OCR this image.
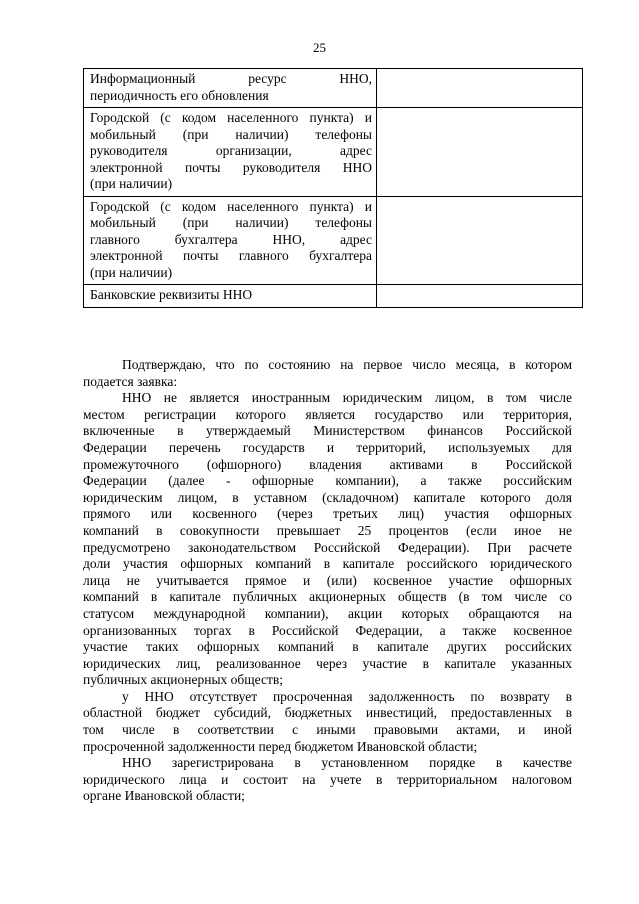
25
Информационный ресурс ННО,
периодичность его обновления	

Городской (с кодом населенного пункта) и
мобильный (при наличии) телефоны
руководителя организации, адрес
электронной почты руководителя ННО
(при наличии)	

Городской (с кодом населенного пункта) и
мобильный (при наличии) телефоны
главного бухгалтера ННО, адрес
электронной почты главного бухгалтера
(при наличии)	

Банковские реквизиты ННО	

Подтверждаю, что по состоянию на первое число месяца, в котором
подается заявка:

ННО не является иностранным юридическим лицом, в том числе
местом регистрации которого является государство или территория,
включенные в утверждаемый Министерством финансов Российской
Федерации перечень государств и территорий, используемых для
промежуточного (офшорного) владения активами в Российской
Федерации (далее - офшорные компании), а также российским
юридическим лицом, в уставном (складочном) капитале которого доля
прямого или косвенного (через третьих лиц) участия офшорных
компаний в совокупности превышает 25 процентов (если иное не
предусмотрено законодательством Российской Федерации). При расчете
доли участия офшорных компаний в капитале российского юридического
лица не учитывается прямое и (или) косвенное участие офшорных
компаний в капитале публичных акционерных обществ (в том числе со
статусом международной компании), акции которых обращаются на
организованных торгах в Российской Федерации, а также косвенное
участие таких офшорных компаний в капитале других российских
юридических лиц, реализованное через участие в капитале указанных
публичных акционерных обществ;

у ННО отсутствует просроченная задолженность по возврату в
областной бюджет субсидий, бюджетных инвестиций, предоставленных в
том числе в соответствии с иными правовыми актами, и иной
просроченной задолженности перед бюджетом Ивановской области;

ННО зарегистрирована в установленном порядке в качестве
юридического лица и состоит на учете в территориальном налоговом
органе Ивановской области;
